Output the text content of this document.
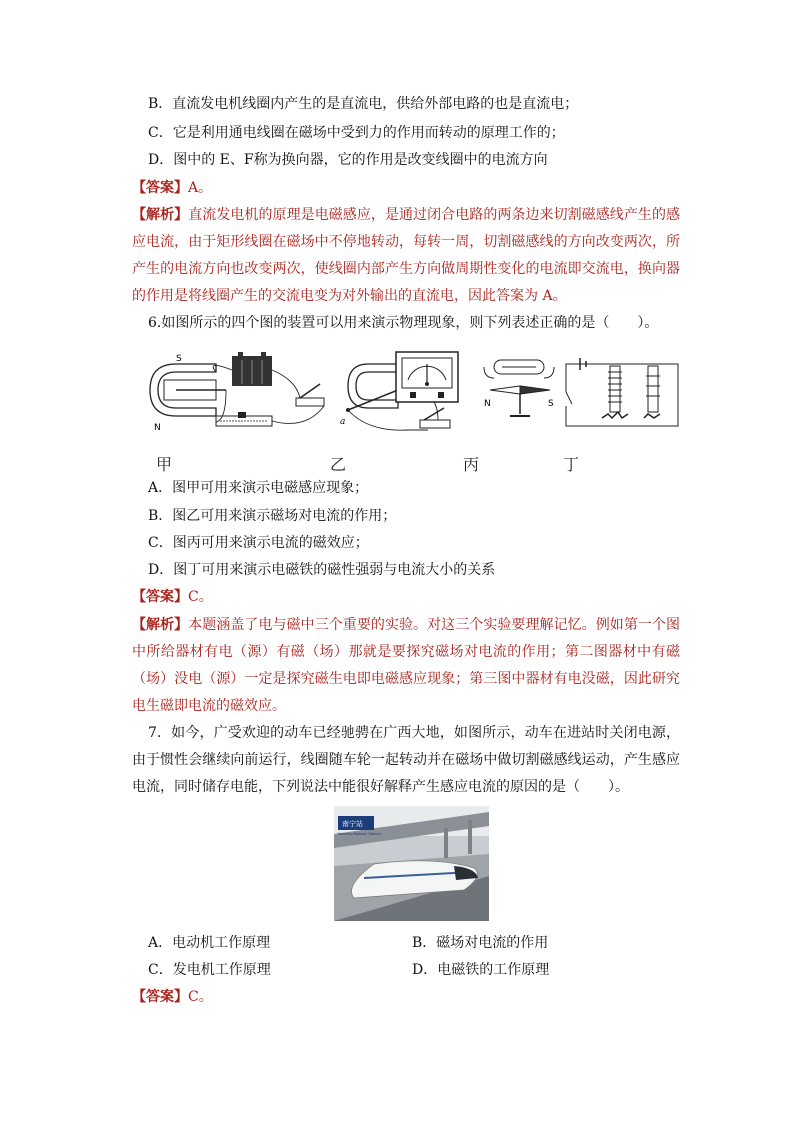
B．直流发电机线圈内产生的是直流电，供给外部电路的也是直流电；
C．它是利用通电线圈在磁场中受到力的作用而转动的原理工作的；
D．图中的 E、F称为换向器，它的作用是改变线圈中的电流方向
【答案】A。
【解析】直流发电机的原理是电磁感应，是通过闭合电路的两条边来切割磁感线产生的感应电流，由于矩形线圈在磁场中不停地转动，每转一周，切割磁感线的方向改变两次，所产生的电流方向也改变两次，使线圈内部产生方向做周期性变化的电流即交流电，换向器的作用是将线圈产生的交流电变为对外输出的直流电，因此答案为 A。
6.如图所示的四个图的装置可以用来演示物理现象，则下列表述正确的是（　　）。
S
N
a
N	S
甲	乙	丙	丁
A．图甲可用来演示电磁感应现象；
B．图乙可用来演示磁场对电流的作用；
C．图丙可用来演示电流的磁效应；
D．图丁可用来演示电磁铁的磁性强弱与电流大小的关系
【答案】C。
【解析】本题涵盖了电与磁中三个重要的实验。对这三个实验要理解记忆。例如第一个图中所给器材有电（源）有磁（场）那就是要探究磁场对电流的作用；第二图器材中有磁（场）没电（源）一定是探究磁生电即电磁感应现象；第三图中器材有电没磁，因此研究电生磁即电流的磁效应。
7．如今，广受欢迎的动车已经驰骋在广西大地，如图所示，动车在进站时关闭电源，由于惯性会继续向前运行，线圈随车轮一起转动并在磁场中做切割磁感线运动，产生感应电流，同时储存电能，下列说法中能很好解释产生感应电流的原因的是（　　）。
南宁站
Nanning Railway Station
A．电动机工作原理	B．磁场对电流的作用
C．发电机工作原理	D．电磁铁的工作原理
【答案】C。
